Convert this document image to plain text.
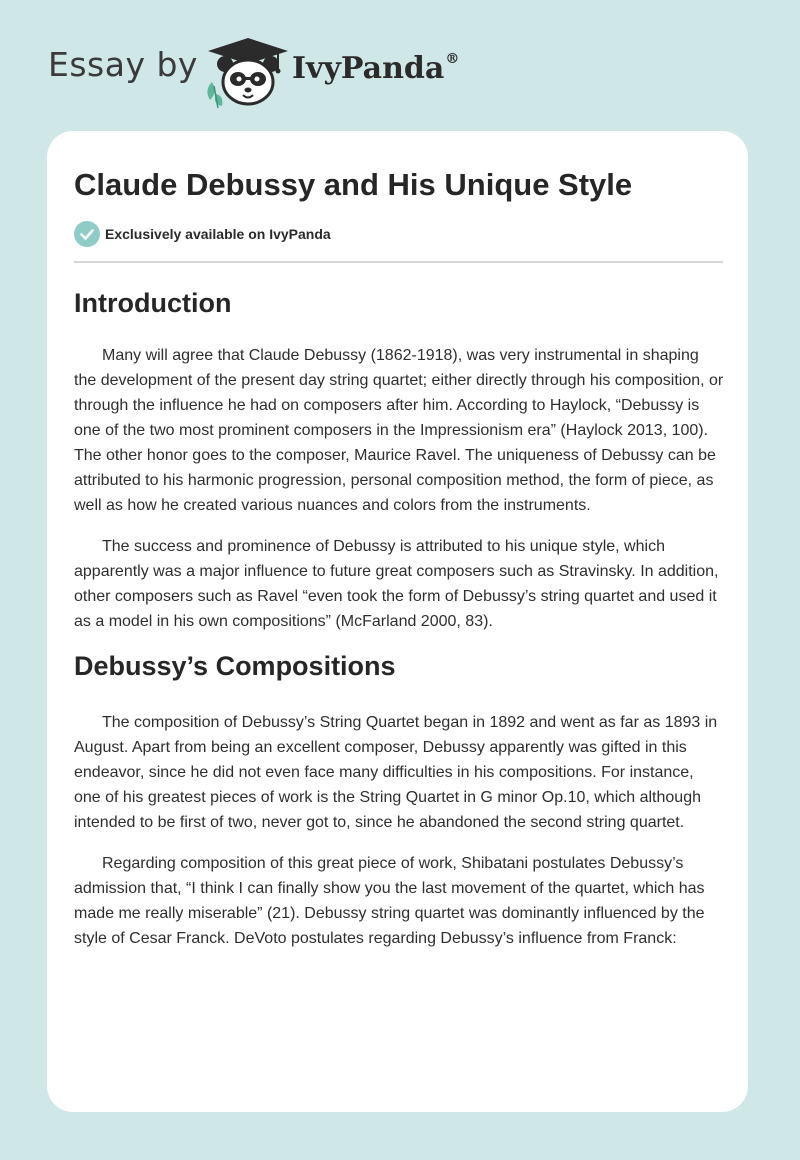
Essay by	IvyPanda®
Claude Debussy and His Unique Style
Exclusively available on IvyPanda
Introduction

Many will agree that Claude Debussy (1862-1918), was very instrumental in shaping the development of the present day string quartet; either directly through his composition, or through the influence he had on composers after him. According to Haylock, “Debussy is one of the two most prominent composers in the Impressionism era” (Haylock 2013, 100). The other honor goes to the composer, Maurice Ravel. The uniqueness of Debussy can be attributed to his harmonic progression, personal composition method, the form of piece, as well as how he created various nuances and colors from the instruments.

The success and prominence of Debussy is attributed to his unique style, which apparently was a major influence to future great composers such as Stravinsky. In addition, other composers such as Ravel “even took the form of Debussy’s string quartet and used it as a model in his own compositions” (McFarland 2000, 83).

Debussy’s Compositions

The composition of Debussy’s String Quartet began in 1892 and went as far as 1893 in August. Apart from being an excellent composer, Debussy apparently was gifted in this endeavor, since he did not even face many difficulties in his compositions. For instance, one of his greatest pieces of work is the String Quartet in G minor Op.10, which although intended to be first of two, never got to, since he abandoned the second string quartet.

Regarding composition of this great piece of work, Shibatani postulates Debussy’s admission that, “I think I can finally show you the last movement of the quartet, which has made me really miserable” (21). Debussy string quartet was dominantly influenced by the style of Cesar Franck. DeVoto postulates regarding Debussy’s influence from Franck:
